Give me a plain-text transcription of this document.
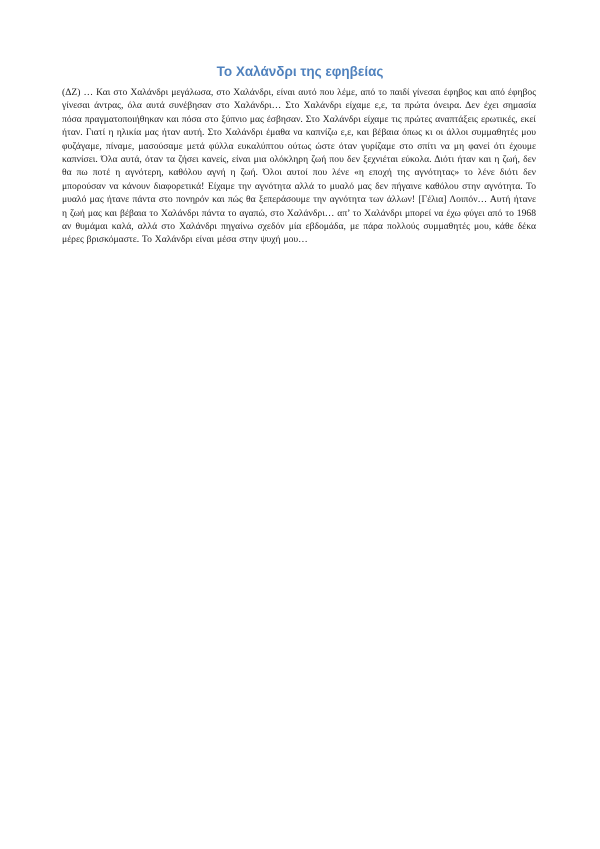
Το Χαλάνδρι της εφηβείας

(ΔΖ) … Και στο Χαλάνδρι μεγάλωσα, στο Χαλάνδρι, είναι αυτό που λέμε, από το παιδί γίνεσαι έφηβος και από έφηβος γίνεσαι άντρας, όλα αυτά συνέβησαν στο Χαλάνδρι… Στο Χαλάνδρι είχαμε ε,ε, τα πρώτα όνειρα. Δεν έχει σημασία πόσα πραγματοποιήθηκαν και πόσα στο ξύπνιο μας έσβησαν. Στο Χαλάνδρι είχαμε τις πρώτες αναπτάξεις ερωτικές, εκεί ήταν. Γιατί η ηλικία μας ήταν αυτή. Στο Χαλάνδρι έμαθα να καπνίζω ε,ε, και βέβαια όπως κι οι άλλοι συμμαθητές μου φυζάγαμε, πίναμε, μασούσαμε μετά φύλλα ευκαλύπτου ούτως ώστε όταν γυρίζαμε στο σπίτι να μη φανεί ότι έχουμε καπνίσει. Όλα αυτά, όταν τα ζήσει κανείς, είναι μια ολόκληρη ζωή που δεν ξεχνιέται εύκολα. Διότι ήταν και η ζωή, δεν θα πω ποτέ η αγνότερη, καθόλου αγνή η ζωή. Όλοι αυτοί που λένε «η εποχή της αγνότητας» το λένε διότι δεν μπορούσαν να κάνουν διαφορετικά! Είχαμε την αγνότητα αλλά το μυαλό μας δεν πήγαινε καθόλου στην αγνότητα. Το μυαλό μας ήτανε πάντα στο πονηρόν και πώς θα ξεπεράσουμε την αγνότητα των άλλων! [Γέλια] Λοιπόν… Αυτή ήτανε η ζωή μας και βέβαια το Χαλάνδρι πάντα το αγαπώ, στο Χαλάνδρι… απ’ το Χαλάνδρι μπορεί να έχω φύγει από το 1968 αν θυμάμαι καλά, αλλά στο Χαλάνδρι πηγαίνω σχεδόν μία εβδομάδα, με πάρα πολλούς συμμαθητές μου, κάθε δέκα μέρες βρισκόμαστε. Το Χαλάνδρι είναι μέσα στην ψυχή μου…
